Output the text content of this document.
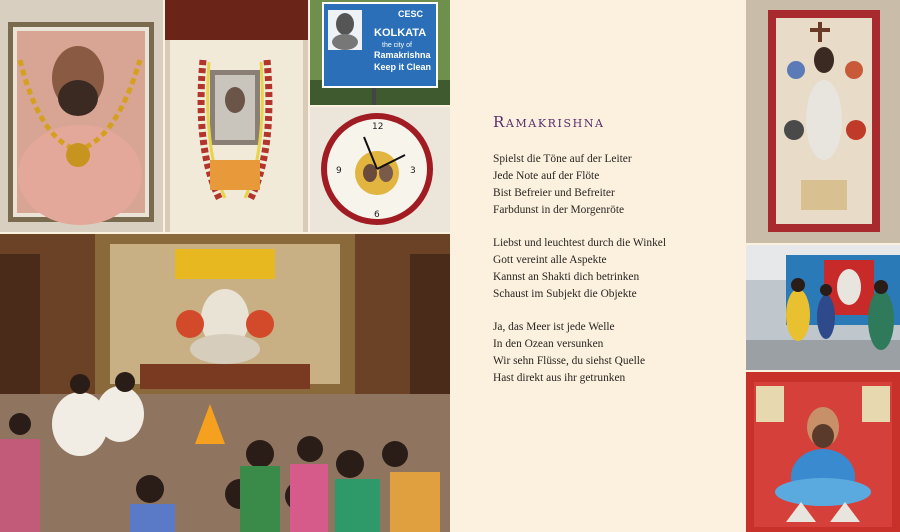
CESC
KOLKATA
the city of
Ramakrishna
Keep it Clean
12
3
6
9
Ramakrishna
Spielst die Töne auf der Leiter
Jede Note auf der Flöte
Bist Befreier und Befreiter
Farbdunst in der Morgenröte
Liebst und leuchtest durch die Winkel
Gott vereint alle Aspekte
Kannst an Shakti dich betrinken
Schaust im Subjekt die Objekte
Ja, das Meer ist jede Welle
In den Ozean versunken
Wir sehn Flüsse, du siehst Quelle
Hast direkt aus ihr getrunken
